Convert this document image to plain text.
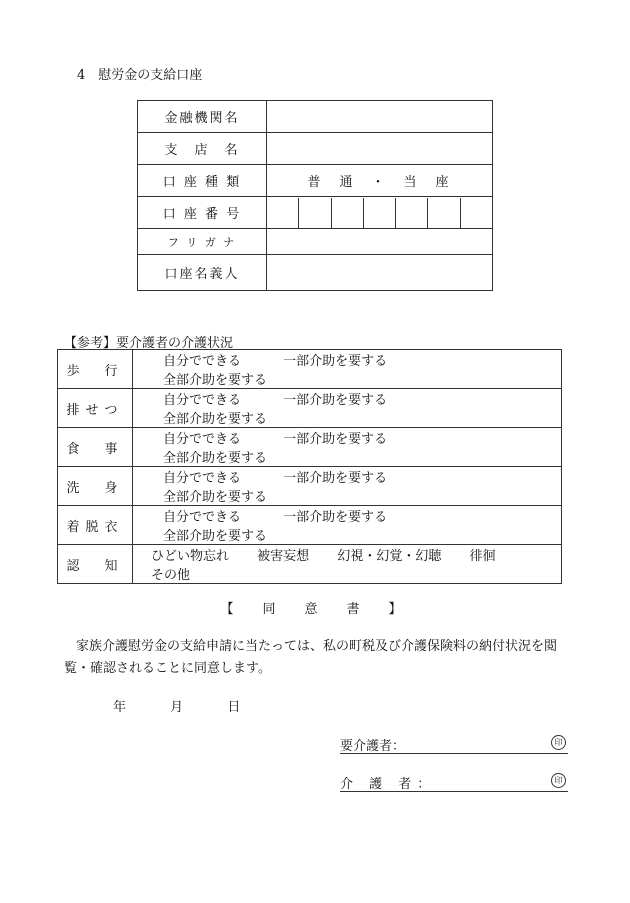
4　慰労金の支給口座
金融機関名	
支　店　名	
口 座 種 類	普　通　・　当　座
口 座 番 号	

フ リ ガ ナ	
口座名義人	
【参考】要介護者の介護状況
歩　行	自分でできる 一部介助を要する 全部介助を要する
排せつ	自分でできる 一部介助を要する 全部介助を要する
食　事	自分でできる 一部介助を要する 全部介助を要する
洗　身	自分でできる 一部介助を要する 全部介助を要する
着脱衣	自分でできる 一部介助を要する 全部介助を要する
認　知	ひどい物忘れ 被害妄想 幻視・幻覚・幻聴 徘徊 その他
【　同　意　書　】
家族介護慰労金の支給申請に当たっては、私の町税及び介護保険料の納付状況を閲覧・確認されることに同意します。
年	月	日
要介護者：	印
介 護 者：	印
